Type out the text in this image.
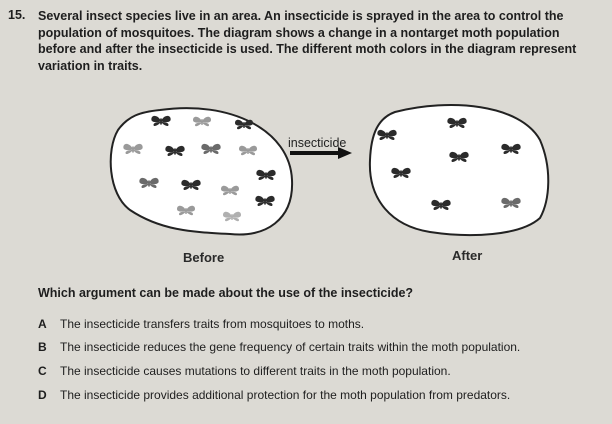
15. Several insect species live in an area. An insecticide is sprayed in the area to control the population of mosquitoes. The diagram shows a change in a nontarget moth population before and after the insecticide is used. The different moth colors in the diagram represent variation in traits.
insecticide
Before	After
Which argument can be made about the use of the insecticide?
A The insecticide transfers traits from mosquitoes to moths.
B The insecticide reduces the gene frequency of certain traits within the moth population.
C The insecticide causes mutations to different traits in the moth population.
D The insecticide provides additional protection for the moth population from predators.
